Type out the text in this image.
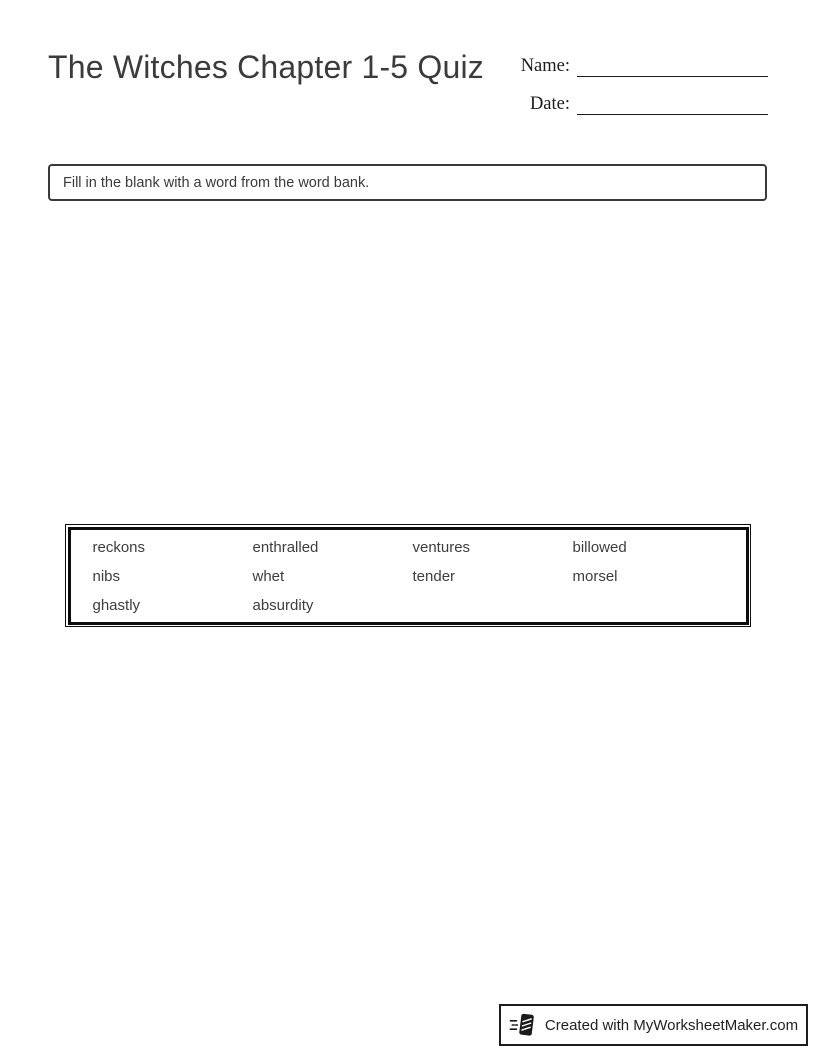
The Witches Chapter 1-5 Quiz Name:
Date:
Fill in the blank with a word from the word bank.
reckons	enthralled	ventures	billowed
nibs	whet	tender	morsel
ghastly	absurdity
Created with MyWorksheetMaker.com
